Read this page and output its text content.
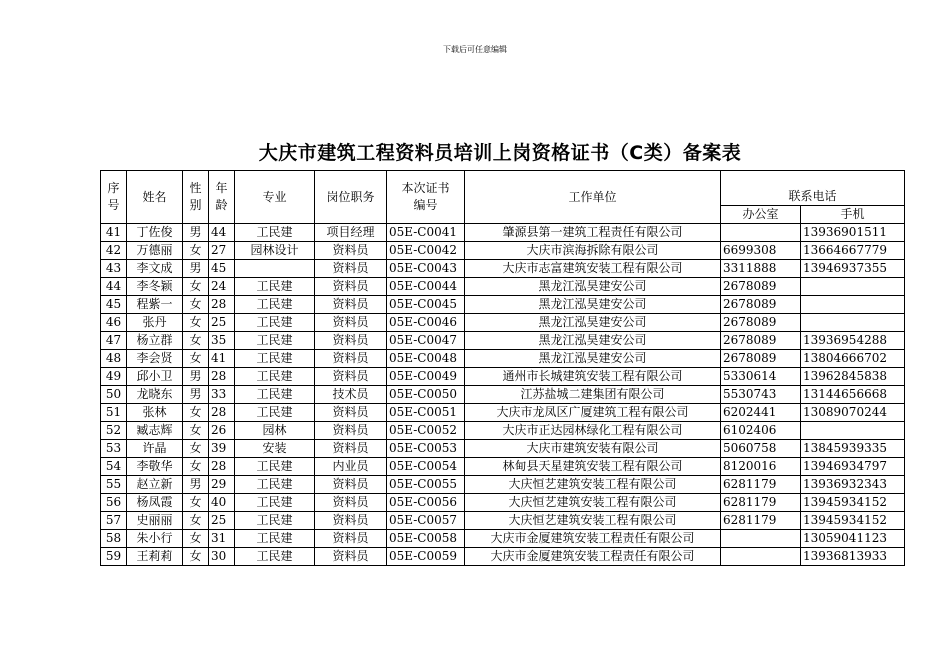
下载后可任意编辑
大庆市建筑工程资料员培训上岗资格证书（C类）备案表
序号	姓名	性别	年龄	专业	岗位职务	本次证书编号	工作单位	联系电话	
								办公室	手机
41	丁佐俊	男	44	工民建	项目经理	05E-C0041	肇源县第一建筑工程责任有限公司		13936901511
42	万德丽	女	27	园林设计	资料员	05E-C0042	大庆市滨海拆除有限公司	6699308	13664667779
43	李文成	男	45		资料员	05E-C0043	大庆市志富建筑安装工程有限公司	3311888	13946937355
44	李冬颖	女	24	工民建	资料员	05E-C0044	黑龙江泓昊建安公司	2678089	
45	程紫一	女	28	工民建	资料员	05E-C0045	黑龙江泓昊建安公司	2678089	
46	张丹	女	25	工民建	资料员	05E-C0046	黑龙江泓昊建安公司	2678089	
47	杨立群	女	35	工民建	资料员	05E-C0047	黑龙江泓昊建安公司	2678089	13936954288
48	李会贤	女	41	工民建	资料员	05E-C0048	黑龙江泓昊建安公司	2678089	13804666702
49	邱小卫	男	28	工民建	资料员	05E-C0049	通州市长城建筑安装工程有限公司	5330614	13962845838
50	龙晓东	男	33	工民建	技术员	05E-C0050	江苏盐城二建集团有限公司	5530743	13144656668
51	张林	女	28	工民建	资料员	05E-C0051	大庆市龙凤区广厦建筑工程有限公司	6202441	13089070244
52	臧志辉	女	26	园林	资料员	05E-C0052	大庆市正达园林绿化工程有限公司	6102406	
53	许晶	女	39	安装	资料员	05E-C0053	大庆市建筑安装有限公司	5060758	13845939335
54	李敬华	女	28	工民建	内业员	05E-C0054	林甸县天星建筑安装工程有限公司	8120016	13946934797
55	赵立新	男	29	工民建	资料员	05E-C0055	大庆恒艺建筑安装工程有限公司	6281179	13936932343
56	杨凤霞	女	40	工民建	资料员	05E-C0056	大庆恒艺建筑安装工程有限公司	6281179	13945934152
57	史丽丽	女	25	工民建	资料员	05E-C0057	大庆恒艺建筑安装工程有限公司	6281179	13945934152
58	朱小行	女	31	工民建	资料员	05E-C0058	大庆市金厦建筑安装工程责任有限公司		13059041123
59	王莉莉	女	30	工民建	资料员	05E-C0059	大庆市金厦建筑安装工程责任有限公司		13936813933
